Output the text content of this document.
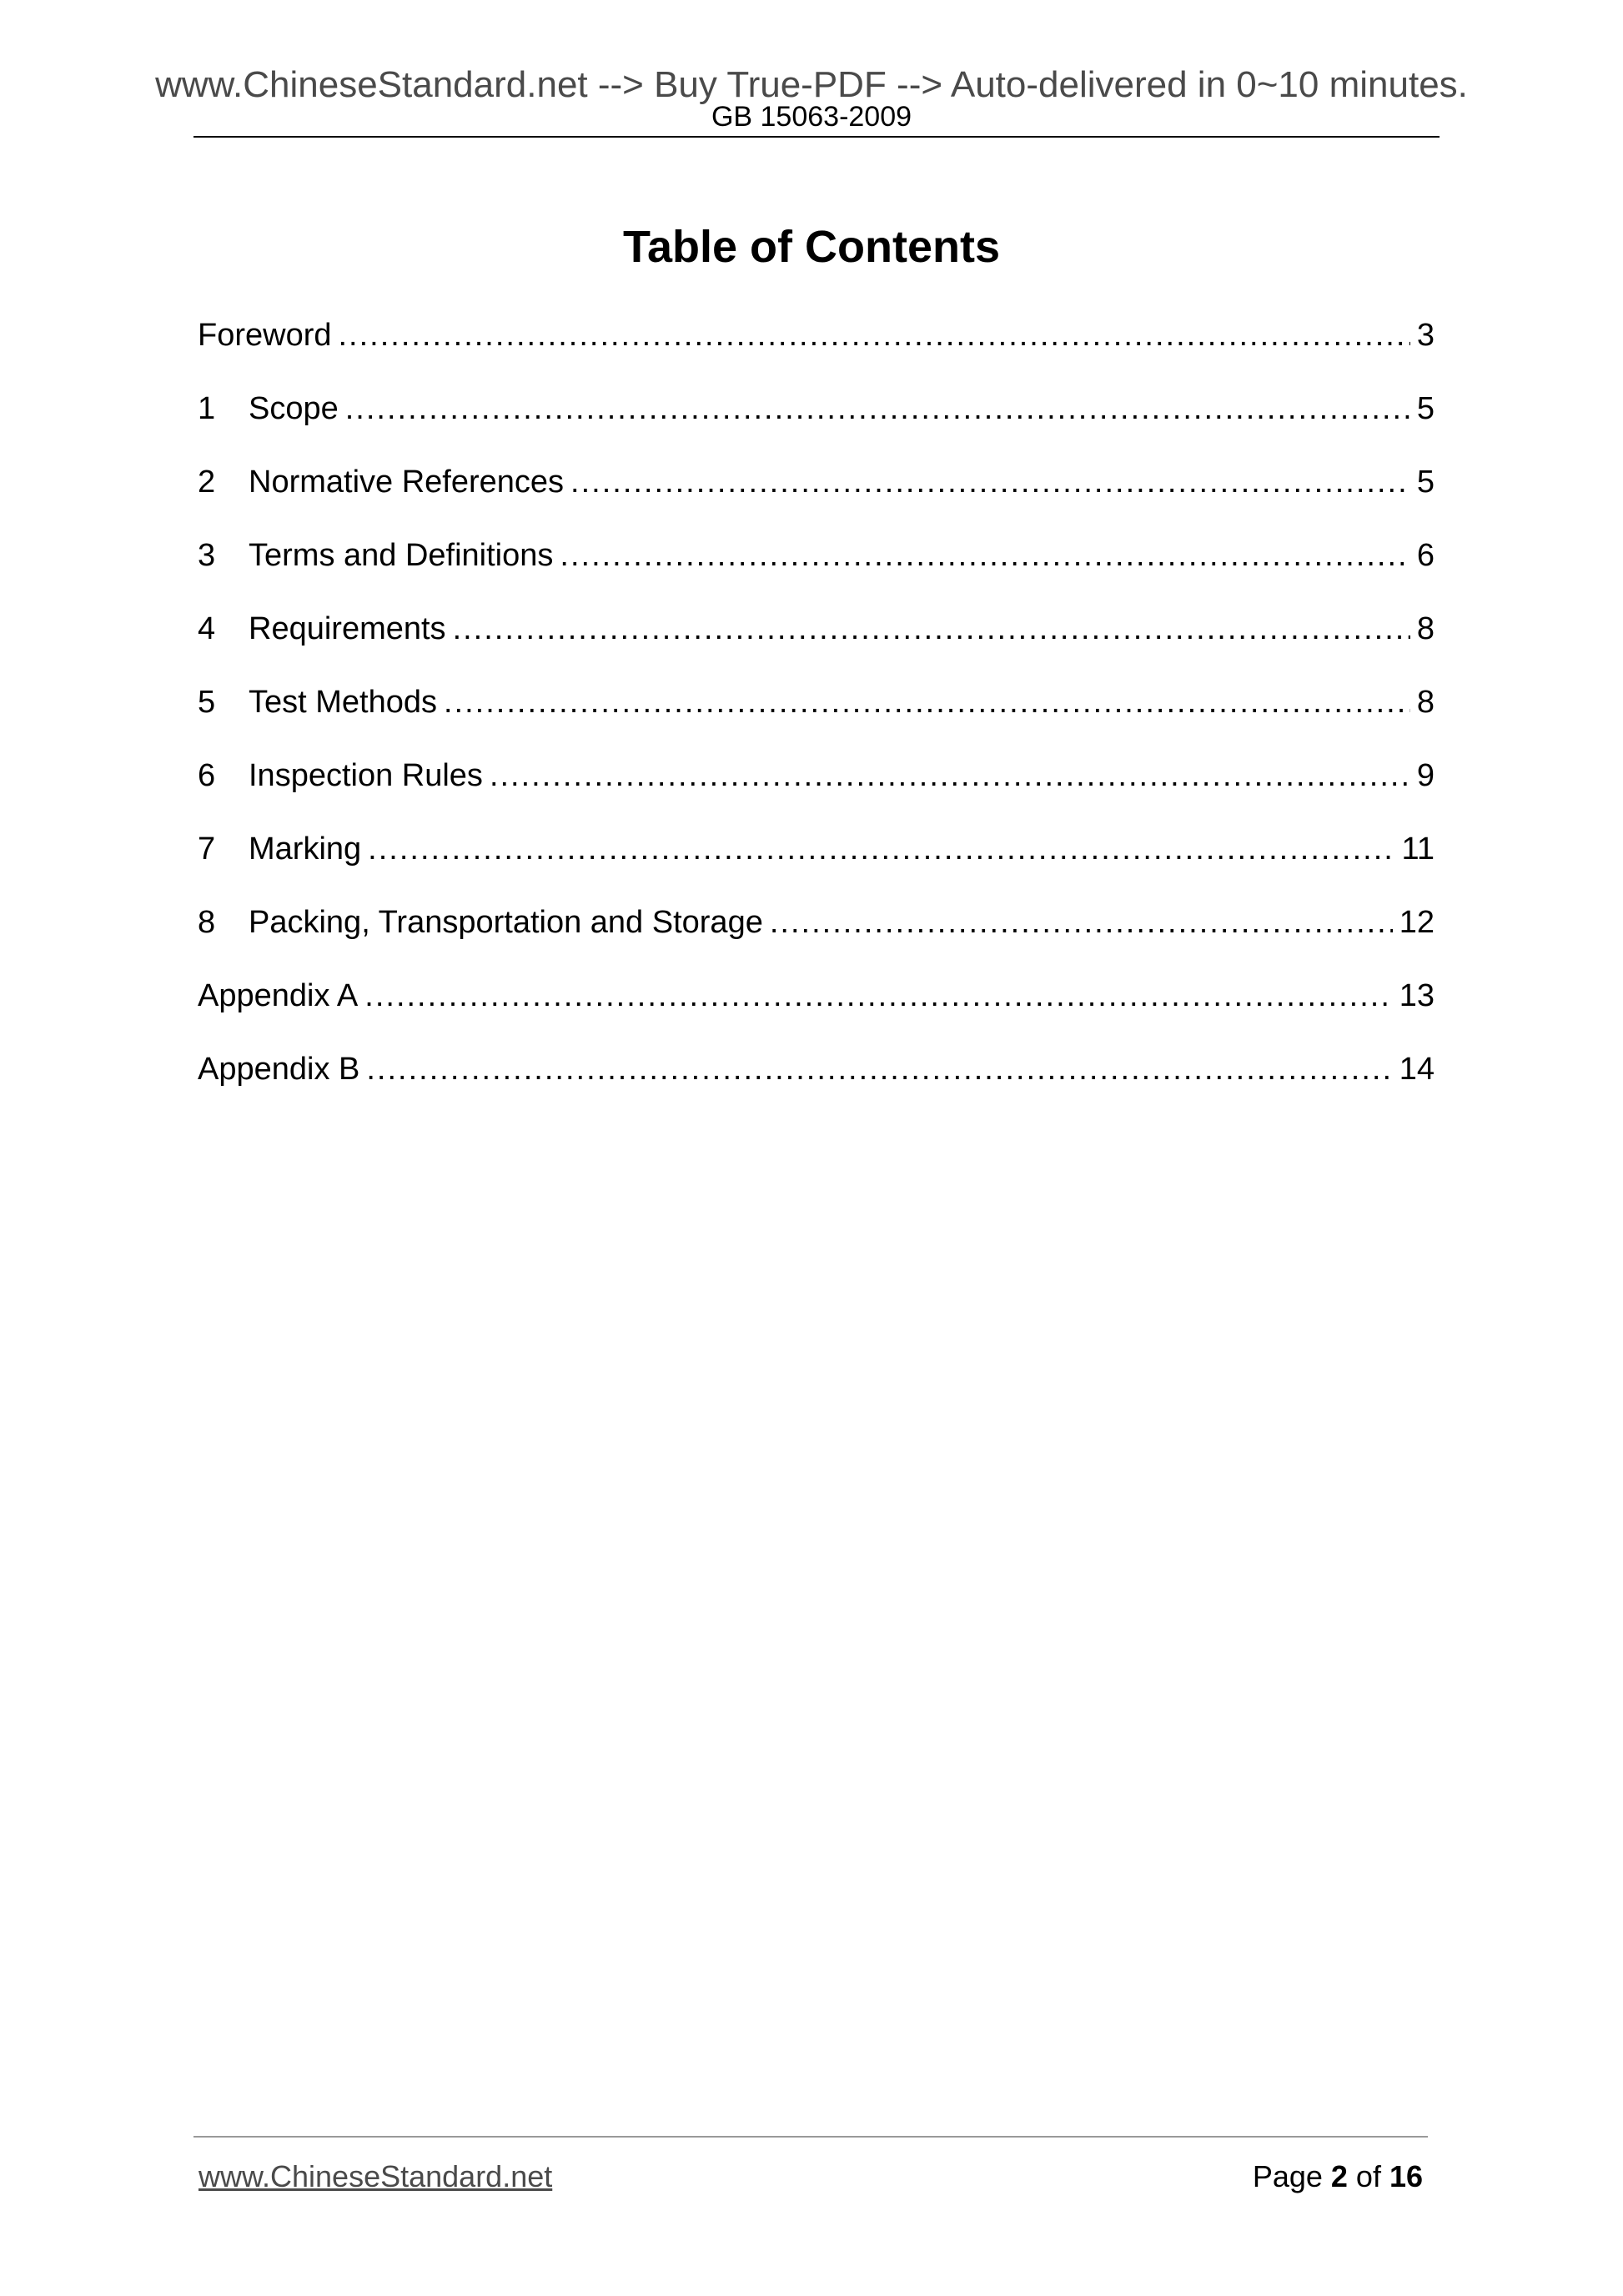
www.ChineseStandard.net --> Buy True-PDF --> Auto-delivered in 0~10 minutes.
GB 15063-2009
Table of Contents
Foreword .....	3
1	Scope .....	5
2	Normative References .....	5
3	Terms and Definitions .....	6
4	Requirements .....	8
5	Test Methods .....	8
6	Inspection Rules .....	9
7	Marking .....	11
8	Packing, Transportation and Storage .....	12
Appendix A .....	13
Appendix B .....	14
www.ChineseStandard.net	Page 2 of 16
